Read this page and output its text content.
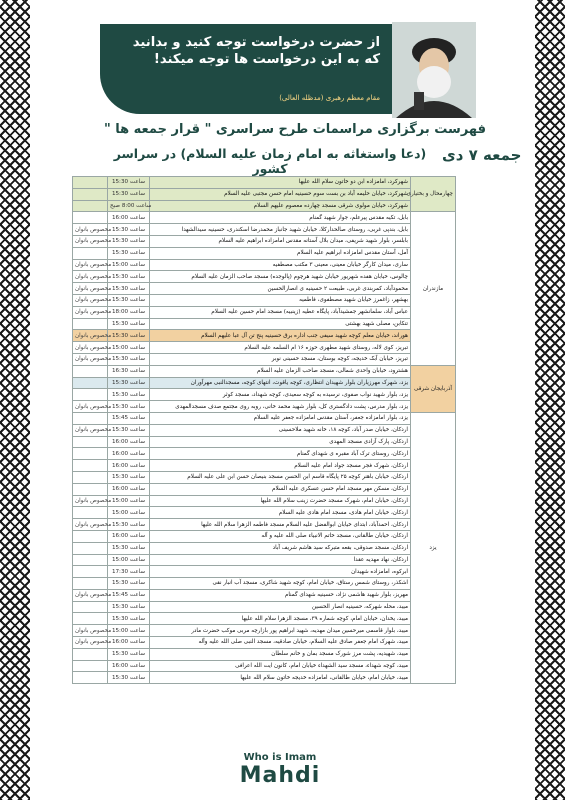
از حضرت درخواست توجه کنید و بدانید
که به این درخواست ها توجه میکند!
مقام معظم رهبری (مدظله العالی)
فهرست برگزاری مراسمات طرح سراسری " قرار جمعه ها "
(دعا واستغاثه به امام زمان علیه السلام) در سراسر کشور
جمعه ۷ دی
	ساعت 15:30	شهرکرد، امامزاده ابن دو خاتون سلام الله علیها	چهارمحال و بختیاری
	ساعت 15:30	شهرکرد، خیابان حلیمه آباد بن بست سوم حسینیه امام حسن مجتبی علیه السلام	
	ساعت 8:00 صبح	شهرکرد، خیابان مولوی شرقی مسجد چهارده معصوم علیهم السلام	
	ساعت 16:00	بابل، تکیه مقدس پیرعلم، جوار شهید گمنام	مازندران
مخصوص بانوان	ساعت 15:30	بابل، بندپی غربی، روستای صالحدارکلا، خیابان شهید جانباز محمدرضا اسکندری، حسینیه سیدالشهدا	
مخصوص بانوان	ساعت 15:30	بابلسر، بلوار شهید شریفی، میدان بلال آستانه مقدس امامزاده ابراهیم علیه السلام	
	ساعت 15:30	آمل، آستان مقدس امامزاده ابراهیم علیه السلام	
مخصوص بانوان	ساعت 15:00	ساری، میدان کارگر خیابان معینی، معینی ۳ مکتب مصطفیه	
مخصوص بانوان	ساعت 15:30	چالوس، خیابان هفده شهریور خیابان شهید هرچوم (پالوجده) مسجد صاحب الزمان علیه السلام	
مخصوص بانوان	ساعت 15:30	محمودآباد، کمربندی غربی، طبیعت ۲ حسینیه ی انصارالحسین	
مخصوص بانوان	ساعت 15:30	بهشهر، زاغمرز خیابان شهید مصطفوی، فاطمیه	
مخصوص بانوان	ساعت 18:00	عباس آباد، سلمانشهر جمشیدآباد، پایگاه عطیه (زینبیه) مسجد امام حسین علیه السلام	
	ساعت 15:30	تنکابن، مصلی شهید بهشتی	
مخصوص بانوان	ساعت 15:30	هوراند، خیابان معلم کوچه شهید سیفی جنب اداره برق حسینیه پنج تن آل عبا علیهم السلام	
مخصوص بانوان	ساعت 15:00	تبریز، کوی لاله، روستای شهید مطهری حوزه ۱۶ ام السلمه علیه السلام	
مخصوص بانوان	ساعت 15:30	تبریز، خیابان آبک خدیجه، کوچه بوستان، مسجد حسینی نوبر	
	ساعت 16:30	هشترود، خیابان واحدی شمالی، مسجد صاحب الزمان علیه السلام	آذربایجان شرقی
	ساعت 15:30	یزد، شهرک مهرزیاران بلوار شهیدان انتظاری، کوچه یاقوت، انتهای کوچه، مسجدالنبی مهرآوران	
	ساعت 15:30	یزد، بلوار شهید نواب صفوی، نرسیده به کوچه سعیدی، کوچه شهداد، مسجد کوثر	
مخصوص بانوان	ساعت 15:30	یزد، بلوار مدرس، پشت دادگستری کل، بلوار شهید محمد خانی، روبه روی مجتمع صدف مسجدالمهدی	
	ساعت 15:45	یزد، بلوار امامزاده جعفر، آستان مقدس امامزاده جعفر علیه السلام	یزد
مخصوص بانوان	ساعت 15:30	اردکان، خیابان صدر آباد، کوچه ۱۸، خانه شهید ملاحسینی	
	ساعت 16:00	اردکان، پارک آزادی مسجد المهدی	
	ساعت 16:00	اردکان، روستای ترک آباد مقبره ی شهدای گمنام	
	ساعت 16:00	اردکان، شهرک فجر مسجد جواد امام علیه السلام	
	ساعت 15:30	اردکان، خیابان باهنر کوچه ۲۵ پایگاه قاسم ابن الحسن مسجد بنیصان حسن ابن علی علیه السلام	
	ساعت 16:00	اردکان، مسکن مهر مسجد امام حسن عسکری علیه السلام	
مخصوص بانوان	ساعت 15:00	اردکان، خیابان امام، شهرک مسجد حضرت زینب سلام الله علیها	
	ساعت 15:00	اردکان، خیابان امام هادی، مسجد امام هادی علیه السلام	
مخصوص بانوان	ساعت 15:30	اردکان، احمدآباد، ابتدای خیابان ابوالفضل علیه السلام مسجد فاطمه الزهرا سلام الله علیها	
	ساعت 16:00	اردکان، خیابان طالقانی، مسجد خاتم الانبیاء صلی الله علیه و آله	
	ساعت 15:30	اردکان، مسجد صدوقی، بقعه متبرکه سید هاشم شریف آباد	
	ساعت 15:00	اردکان، نهاد مهدیه عقدا	
	ساعت 17:30	ابرکوه، امامزاده شهیدان	
	ساعت 15:30	اشکذر، روستای شمس رستاق، خیابان امام، کوچه شهید شاکری، مسجد آب انبار نقی	
مخصوص بانوان	ساعت 15:45	مهریز، بلوار شهید هاشمی نژاد، حسینیه شهدای گمنام	
	ساعت 15:30	میبد، محله شهرکه، حسینیه انصار الحسین	
	ساعت 15:30	میبد، یخدان، خیابان امام، کوچه شماره ۳۹، مسجد الزهرا سلام الله علیها	
مخصوص بانوان	ساعت 15:00	میبد، بلوار قاسمی میرحسین میدان مهدیه، شهید ابراهیم پور بازارچه مربی موکب حضرت مادر	
مخصوص بانوان	ساعت 16:00	میبد، شهرک امام جعفر صادق علیه السلام، خیابان صادقیه، مسجد النبی صلی الله علیه وآله	
	ساعت 15:30	میبد، شهیدیه، پشت مرز شورک مسجد بمان و خانم سلطان	
	ساعت 16:00	میبد، کوچه شهداء، مسجد سید الشهداء خیابان امام، کانون ایت الله اعرافی	
	ساعت 15:30	میبد، خیابان امام، خیابان طالقانی، امامزاده خدیجه خاتون سلام الله علیها	
Who is Imam
Mahdi
